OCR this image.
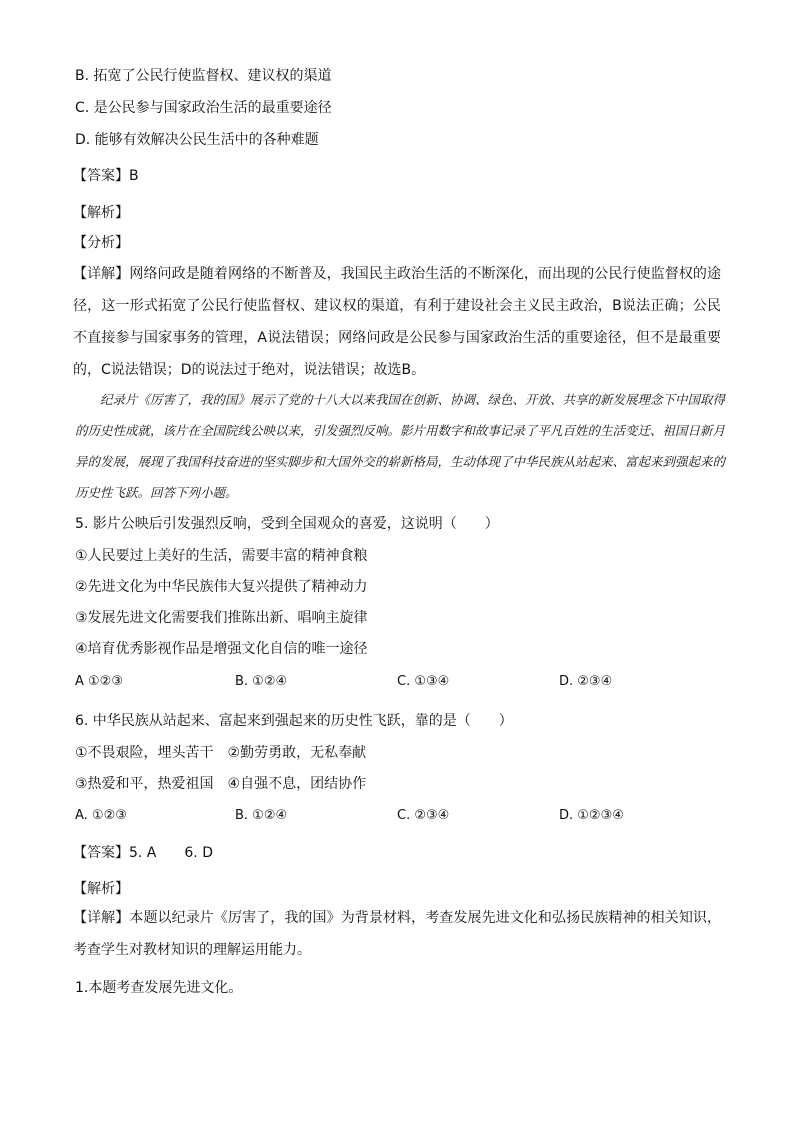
B. 拓宽了公民行使监督权、建议权的渠道
C. 是公民参与国家政治生活的最重要途径
D. 能够有效解决公民生活中的各种难题
【答案】B
【解析】
【分析】
【详解】网络问政是随着网络的不断普及，我国民主政治生活的不断深化，而出现的公民行使监督权的途径，这一形式拓宽了公民行使监督权、建议权的渠道，有利于建设社会主义民主政治，B说法正确；公民不直接参与国家事务的管理，A说法错误；网络问政是公民参与国家政治生活的重要途径，但不是最重要的，C说法错误；D的说法过于绝对，说法错误；故选B。
纪录片《厉害了，我的国》展示了党的十八大以来我国在创新、协调、绿色、开放、共享的新发展理念下中国取得的历史性成就，该片在全国院线公映以来，引发强烈反响。影片用数字和故事记录了平凡百姓的生活变迁、祖国日新月异的发展，展现了我国科技奋进的坚实脚步和大国外交的崭新格局，生动体现了中华民族从站起来、富起来到强起来的历史性飞跃。回答下列小题。
5. 影片公映后引发强烈反响，受到全国观众的喜爱，这说明（　　）
①人民要过上美好的生活，需要丰富的精神食粮
②先进文化为中华民族伟大复兴提供了精神动力
③发展先进文化需要我们推陈出新、唱响主旋律
④培育优秀影视作品是增强文化自信的唯一途径
A ①②③	B. ①②④	C. ①③④	D. ②③④
6. 中华民族从站起来、富起来到强起来的历史性飞跃，靠的是（　　）
①不畏艰险，埋头苦干　②勤劳勇敢，无私奉献
③热爱和平，热爱祖国　④自强不息，团结协作
A. ①②③	B. ①②④	C. ②③④	D. ①②③④
【答案】5. A　　6. D
【解析】
【详解】本题以纪录片《厉害了，我的国》为背景材料，考查发展先进文化和弘扬民族精神的相关知识，考查学生对教材知识的理解运用能力。
1.本题考查发展先进文化。
